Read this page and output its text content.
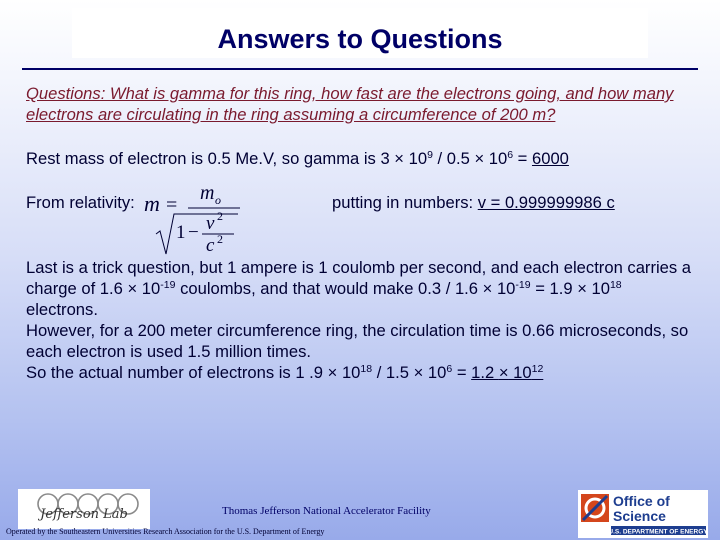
Answers to Questions
Questions: What is gamma for this ring, how fast are the electrons going, and how many electrons are circulating in the ring assuming a circumference of 200 m?
Rest mass of electron is 0.5 Me.V, so gamma is $3 \times 10^9 / 0.5 \times 10^6 = 6000$
From relativity: m =
m o
1 − v 2
c 2
putting in numbers: v = 0.999999986 c
Last is a trick question, but 1 ampere is 1 coulomb per second, and each electron carries a charge of $1.6 \times 10^{-19}$ coulombs, and that would make $0.3 / 1.6 \times 10^{-19} = 1.9 \times 10^{18}$ electrons.
However, for a 200 meter circumference ring, the circulation time is 0.66 microseconds, so each electron is used 1.5 million times.
So the actual number of electrons is 1 $.9 \times 10^{18} / 1.5 \times 10^6 = 1.2 \times 10^{12}$
Jefferson Lab	Thomas Jefferson National Accelerator Facility
Operated by the Southeastern Universities Research Association for the U.S. Department of Energy
Office of
Science
U.S. DEPARTMENT OF ENERGY
